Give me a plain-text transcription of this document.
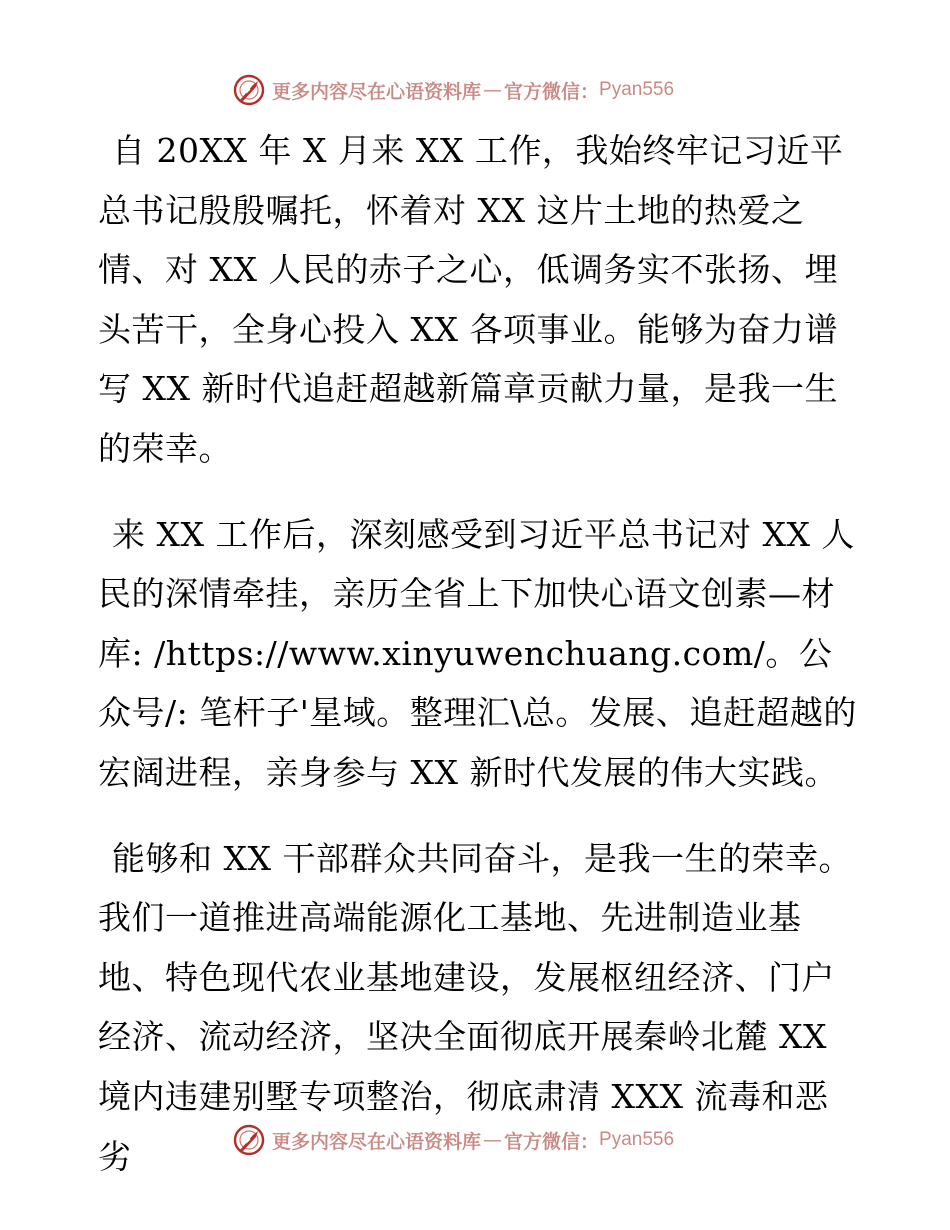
更多内容尽在心语资料库 — 官方微信： Pyan556

自 20XX 年 X 月来 XX 工作，我始终牢记习近平总书记殷殷嘱托，怀着对 XX 这片土地的热爱之情、对 XX 人民的赤子之心，低调务实不张扬、埋头苦干，全身心投入 XX 各项事业。能够为奋力谱写 XX 新时代追赶超越新篇章贡献力量，是我一生的荣幸。

来 XX 工作后，深刻感受到习近平总书记对 XX 人民的深情牵挂，亲历全省上下加快心语文创素—材库: /https://www.xinyuwenchuang.com/。公众号/: 笔杆子'星域。整理汇\总。发展、追赶超越的宏阔进程，亲身参与 XX 新时代发展的伟大实践。

能够和 XX 干部群众共同奋斗，是我一生的荣幸。我们一道推进高端能源化工基地、先进制造业基地、特色现代农业基地建设，发展枢纽经济、门户经济、流动经济，坚决全面彻底开展秦岭北麓 XX 境内违建别墅专项整治，彻底肃清 XXX 流毒和恶劣	更多内容尽在心语资料库 — 官方微信： Pyan556
